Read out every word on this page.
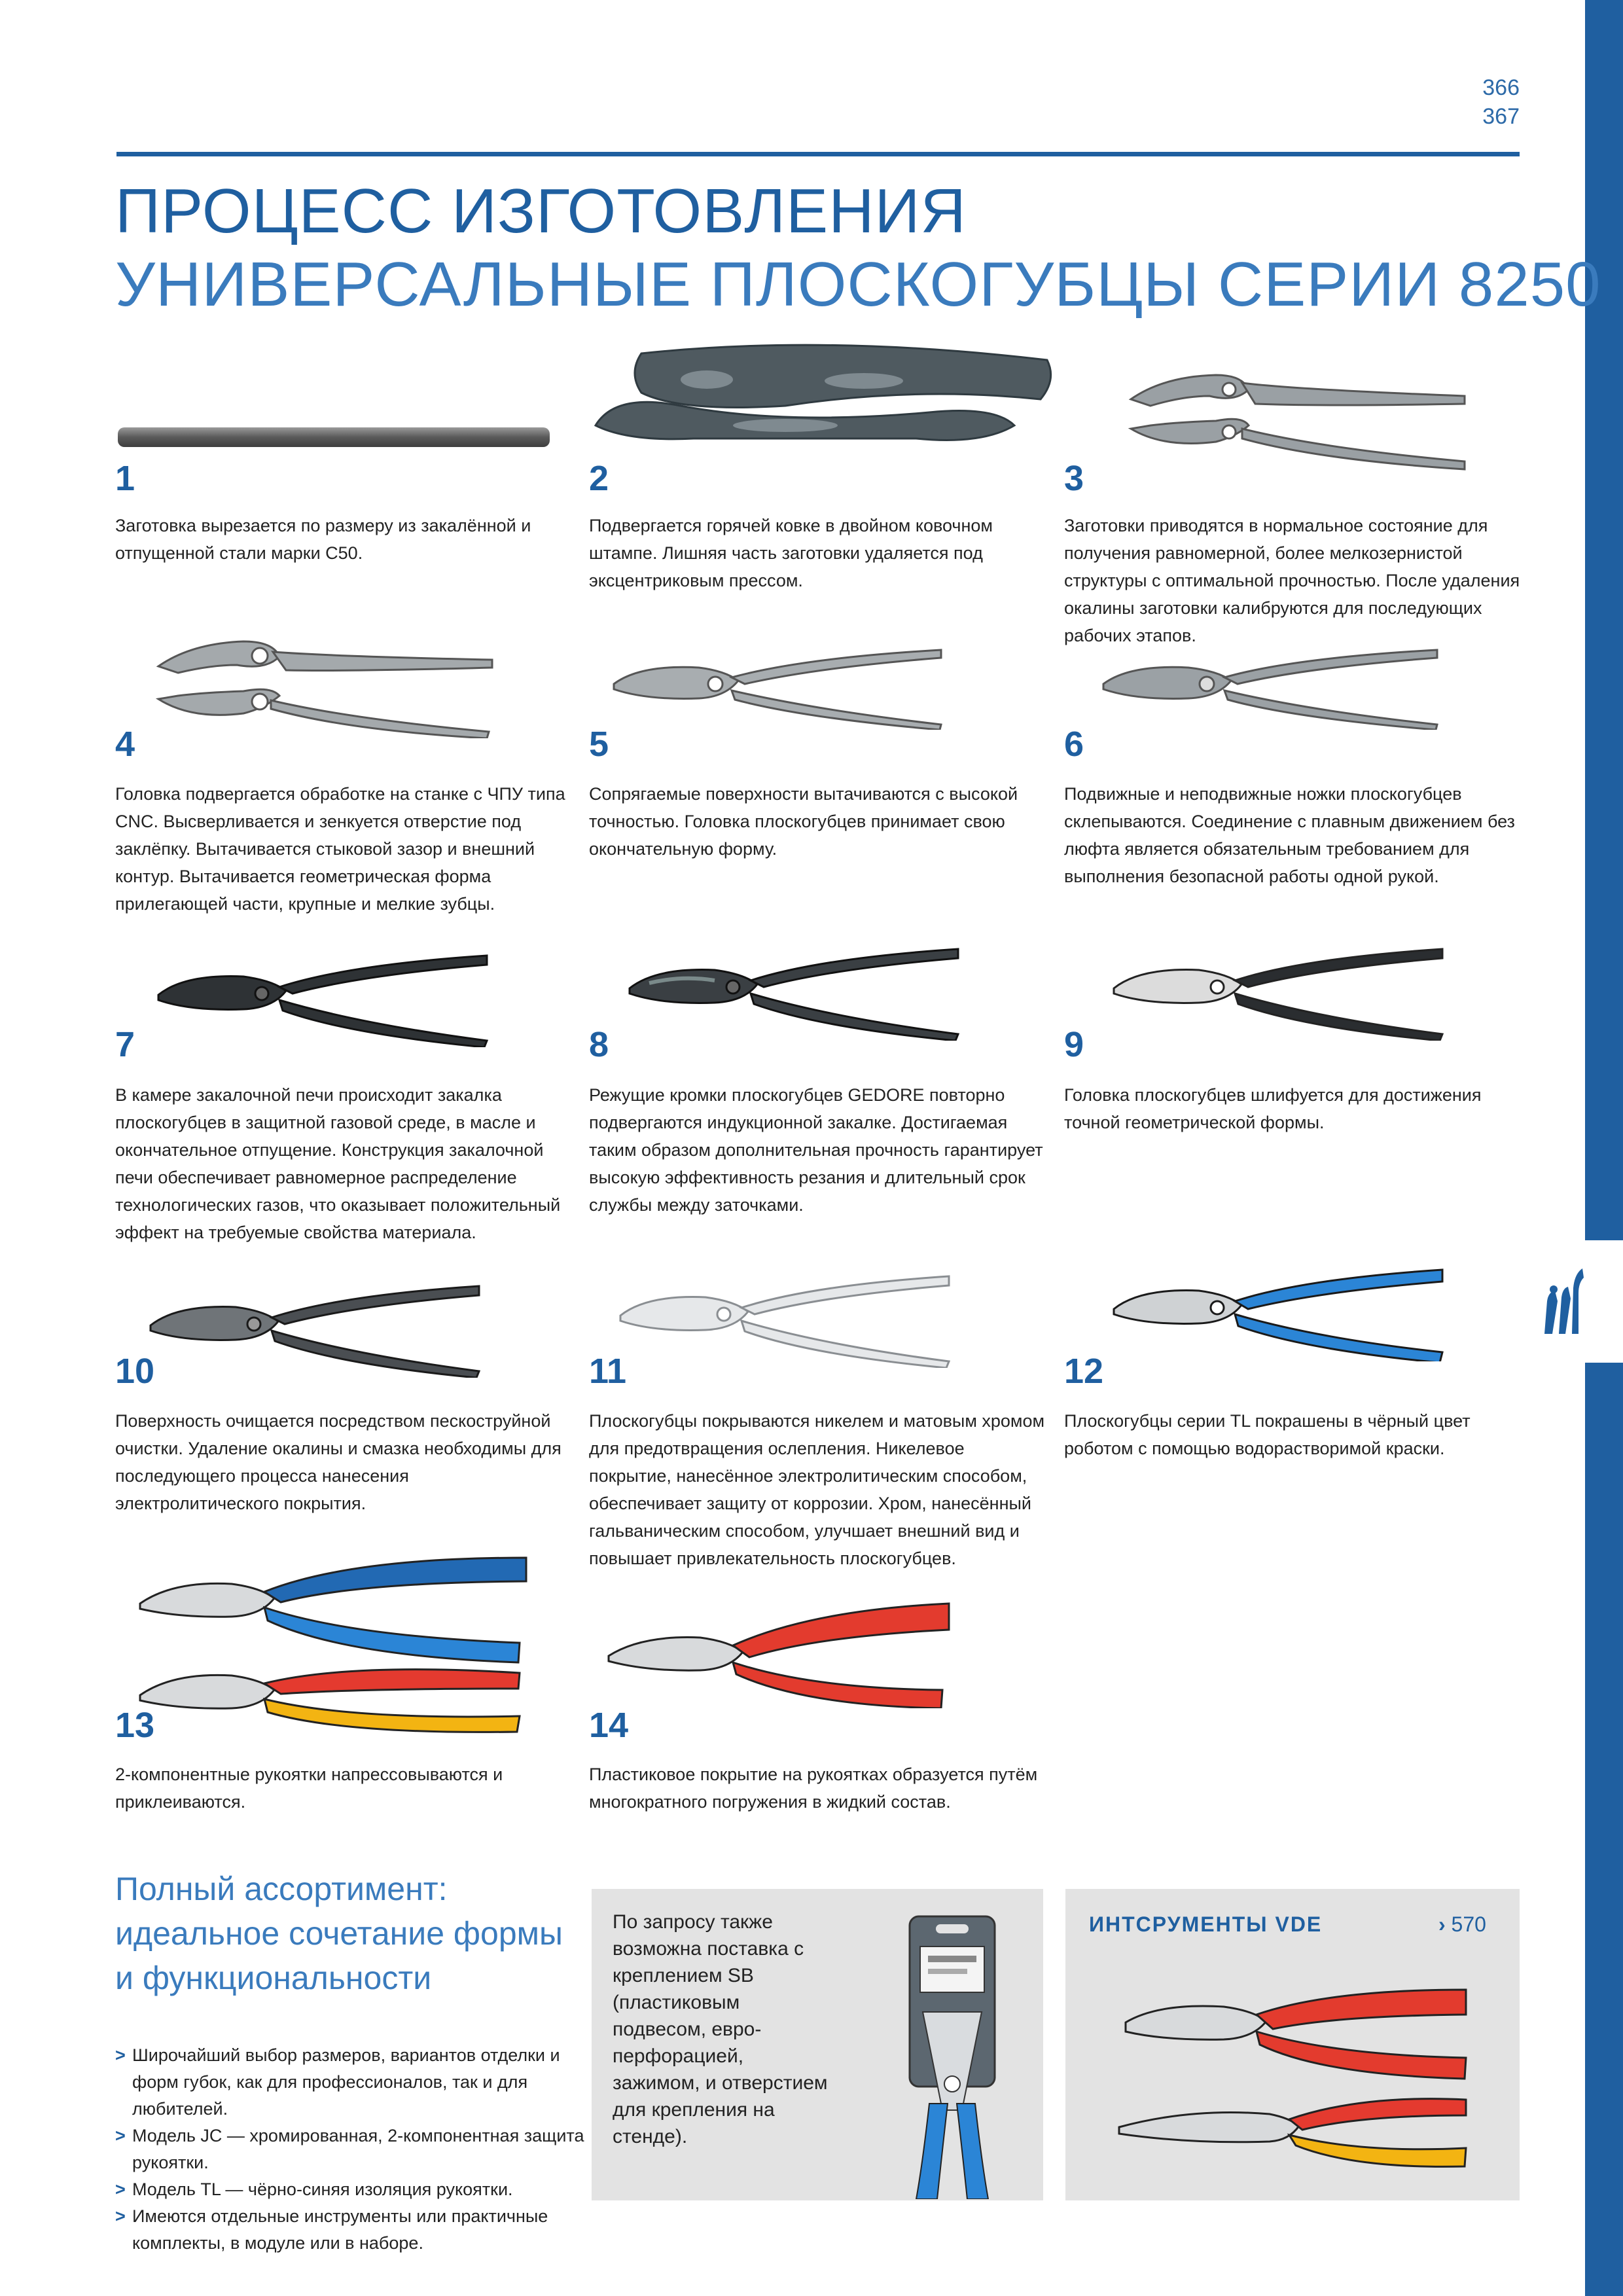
366
367
ПРОЦЕСС ИЗГОТОВЛЕНИЯ
УНИВЕРСАЛЬНЫЕ ПЛОСКОГУБЦЫ СЕРИИ 8250
1
Заготовка вырезается по размеру из закалённой и отпущенной стали марки C50.
2
Подвергается горячей ковке в двойном ковочном штампе. Лишняя часть заготовки удаляется под эксцентриковым прессом.
3
Заготовки приводятся в нормальное состояние для получения равномерной, более мелкозернистой структуры с оптимальной прочностью. После удаления окалины заготовки калибруются для последующих рабочих этапов.
4
Головка подвергается обработке на станке с ЧПУ типа CNC. Высверливается и зенкуется отверстие под заклёпку. Вытачивается стыковой зазор и внешний контур. Вытачивается геометрическая форма прилегающей части, крупные и мелкие зубцы.
5
Сопрягаемые поверхности вытачиваются с высокой точностью. Головка плоскогубцев принимает свою окончательную форму.
6
Подвижные и неподвижные ножки плоскогубцев склепываются. Соединение с плавным движением без люфта является обязательным требованием для выполнения безопасной работы одной рукой.
7
В камере закалочной печи происходит закалка плоскогубцев в защитной газовой среде, в масле и окончательное отпущение. Конструкция закалочной печи обеспечивает равномерное распределение технологических газов, что оказывает положительный эффект на требуемые свойства материала.
8
Режущие кромки плоскогубцев GEDORE повторно подвергаются индукционной закалке. Достигаемая таким образом дополнительная прочность гарантирует высокую эффективность резания и длительный срок службы между заточками.
9
Головка плоскогубцев шлифуется для достижения точной геометрической формы.
10
Поверхность очищается посредством пескоструйной очистки. Удаление окалины и смазка необходимы для последующего процесса нанесения электролитического покрытия.
11
Плоскогубцы покрываются никелем и матовым хромом для предотвращения ослепления. Никелевое покрытие, нанесённое электролитическим способом, обеспечивает защиту от коррозии. Хром, нанесённый гальваническим способом, улучшает внешний вид и повышает привлекательность плоскогубцев.
12
Плоскогубцы серии TL покрашены в чёрный цвет роботом с помощью водорастворимой краски.
13
2-компонентные рукоятки напрессовываются и приклеиваются.
14
Пластиковое покрытие на рукоятках образуется путём многократного погружения в жидкий состав.
Полный ассортимент:
идеальное сочетание формы
и функциональности
> Широчайший выбор размеров, вариантов отделки и форм губок, как для профессионалов, так и для любителей.
> Модель JC — хромированная, 2-компонентная защита рукоятки.
> Модель TL — чёрно-синяя изоляция рукоятки.
> Имеются отдельные инструменты или практичные комплекты, в модуле или в наборе.
По запросу также возможна поставка с креплением SB (пластиковым подвесом, евро-перфорацией, зажимом, и отверстием для крепления на стенде).
ИНТСРУМЕНТЫ VDE	› 570
